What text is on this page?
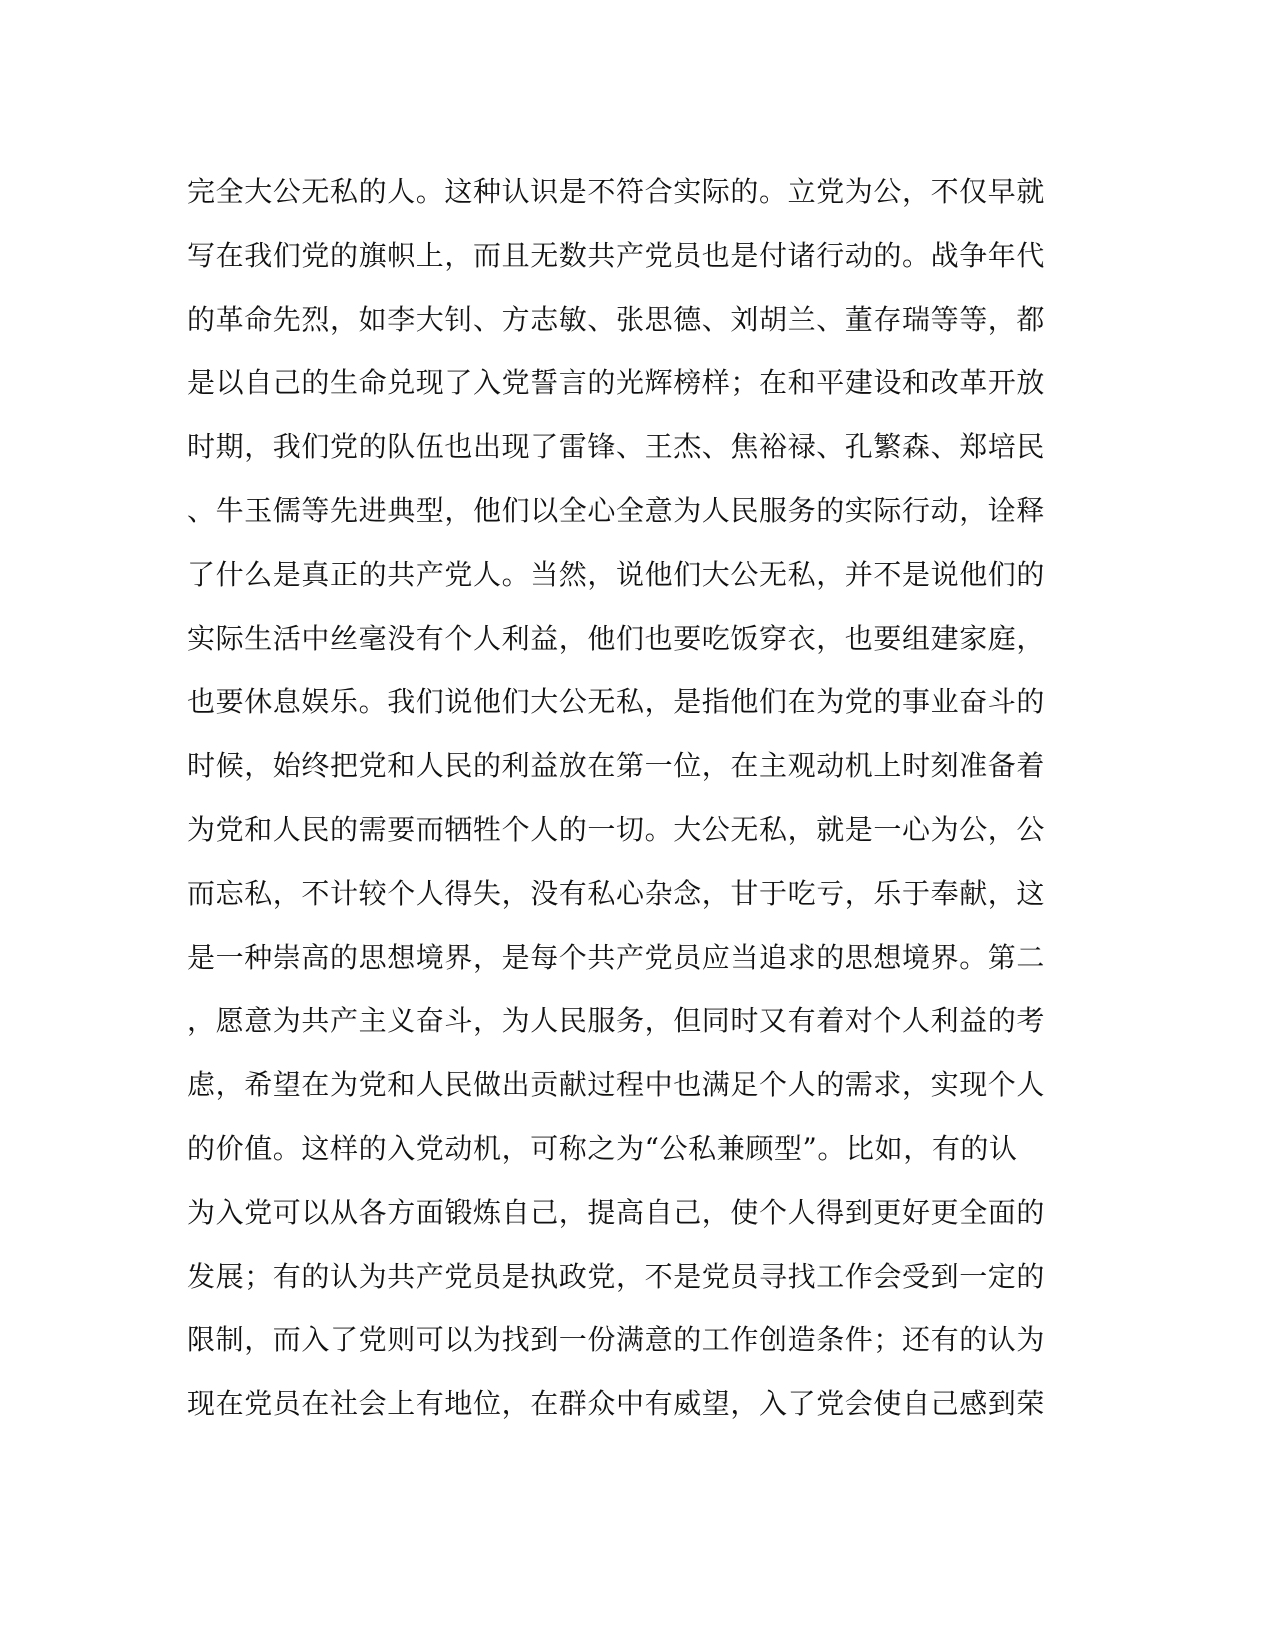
完全大公无私的人。这种认识是不符合实际的。立党为公，不仅早就
写在我们党的旗帜上，而且无数共产党员也是付诸行动的。战争年代
的革命先烈，如李大钊、方志敏、张思德、刘胡兰、董存瑞等等，都
是以自己的生命兑现了入党誓言的光辉榜样；在和平建设和改革开放
时期，我们党的队伍也出现了雷锋、王杰、焦裕禄、孔繁森、郑培民
、牛玉儒等先进典型，他们以全心全意为人民服务的实际行动，诠释
了什么是真正的共产党人。当然，说他们大公无私，并不是说他们的
实际生活中丝毫没有个人利益，他们也要吃饭穿衣，也要组建家庭，
也要休息娱乐。我们说他们大公无私，是指他们在为党的事业奋斗的
时候，始终把党和人民的利益放在第一位，在主观动机上时刻准备着
为党和人民的需要而牺牲个人的一切。大公无私，就是一心为公，公
而忘私，不计较个人得失，没有私心杂念，甘于吃亏，乐于奉献，这
是一种崇高的思想境界，是每个共产党员应当追求的思想境界。第二
，愿意为共产主义奋斗，为人民服务，但同时又有着对个人利益的考
虑，希望在为党和人民做出贡献过程中也满足个人的需求，实现个人
的价值。这样的入党动机，可称之为“公私兼顾型”。比如，有的认
为入党可以从各方面锻炼自己，提高自己，使个人得到更好更全面的
发展；有的认为共产党员是执政党，不是党员寻找工作会受到一定的
限制，而入了党则可以为找到一份满意的工作创造条件；还有的认为
现在党员在社会上有地位，在群众中有威望，入了党会使自己感到荣
